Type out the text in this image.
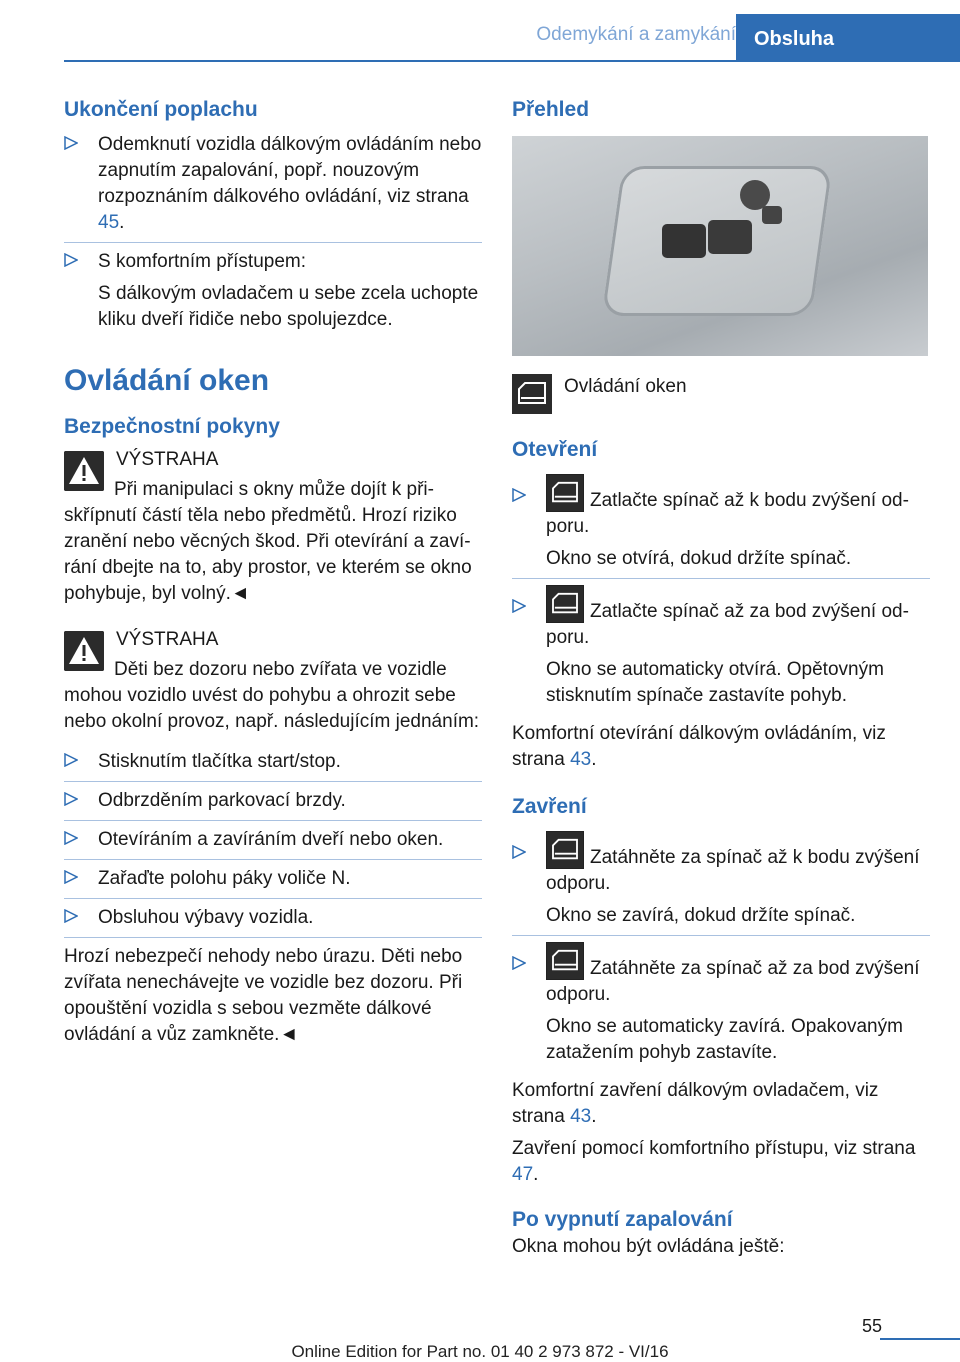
Odemykání a zamykání Obsluha
Ukončení poplachu
Odemknutí vozidla dálkovým ovládáním nebo zapnutím zapalování, popř. nouzovým rozpoznáním dálkového ovládání, viz strana 45.
S komfortním přístupem:
S dálkovým ovladačem u sebe zcela uchopte kliku dveří řidiče nebo spolujezdce.
Ovládání oken
Bezpečnostní pokyny
VÝSTRAHA

Při manipulaci s okny může dojít k přiskřípnutí částí těla nebo předmětů. Hrozí riziko zranění nebo věcných škod. Při otevírání a zavírání dbejte na to, aby prostor, ve kterém se okno pohybuje, byl volný.◄

VÝSTRAHA

Děti bez dozoru nebo zvířata ve vozidle mohou vozidlo uvést do pohybu a ohrozit sebe nebo okolní provoz, např. následujícím jednáním:

Stisknutím tlačítka start/stop.
Odbrzděním parkovací brzdy.
Otevíráním a zavíráním dveří nebo oken.
Zařaďte polohu páky voliče N.
Obsluhou výbavy vozidla.

Hrozí nebezpečí nehody nebo úrazu. Děti nebo zvířata nenechávejte ve vozidle bez dozoru. Při opouštění vozidla s sebou vezměte dálkové ovládání a vůz zamkněte.◄

Přehled
Ovládání oken
Otevření
Zatlačte spínač až k bodu zvýšení odporu.
Okno se otvírá, dokud držíte spínač.
Zatlačte spínač až za bod zvýšení odporu.
Okno se automaticky otvírá. Opětovným stisknutím spínače zastavíte pohyb.

Komfortní otevírání dálkovým ovládáním, viz strana 43.

Zavření
Zatáhněte za spínač až k bodu zvýšení odporu.
Okno se zavírá, dokud držíte spínač.
Zatáhněte za spínač až za bod zvýšení odporu.
Okno se automaticky zavírá. Opakovaným zatažením pohyb zastavíte.

Komfortní zavření dálkovým ovladačem, viz strana 43.

Zavření pomocí komfortního přístupu, viz strana 47.

Po vypnutí zapalování

Okna mohou být ovládána ještě:

55
Online Edition for Part no. 01 40 2 973 872 - VI/16
